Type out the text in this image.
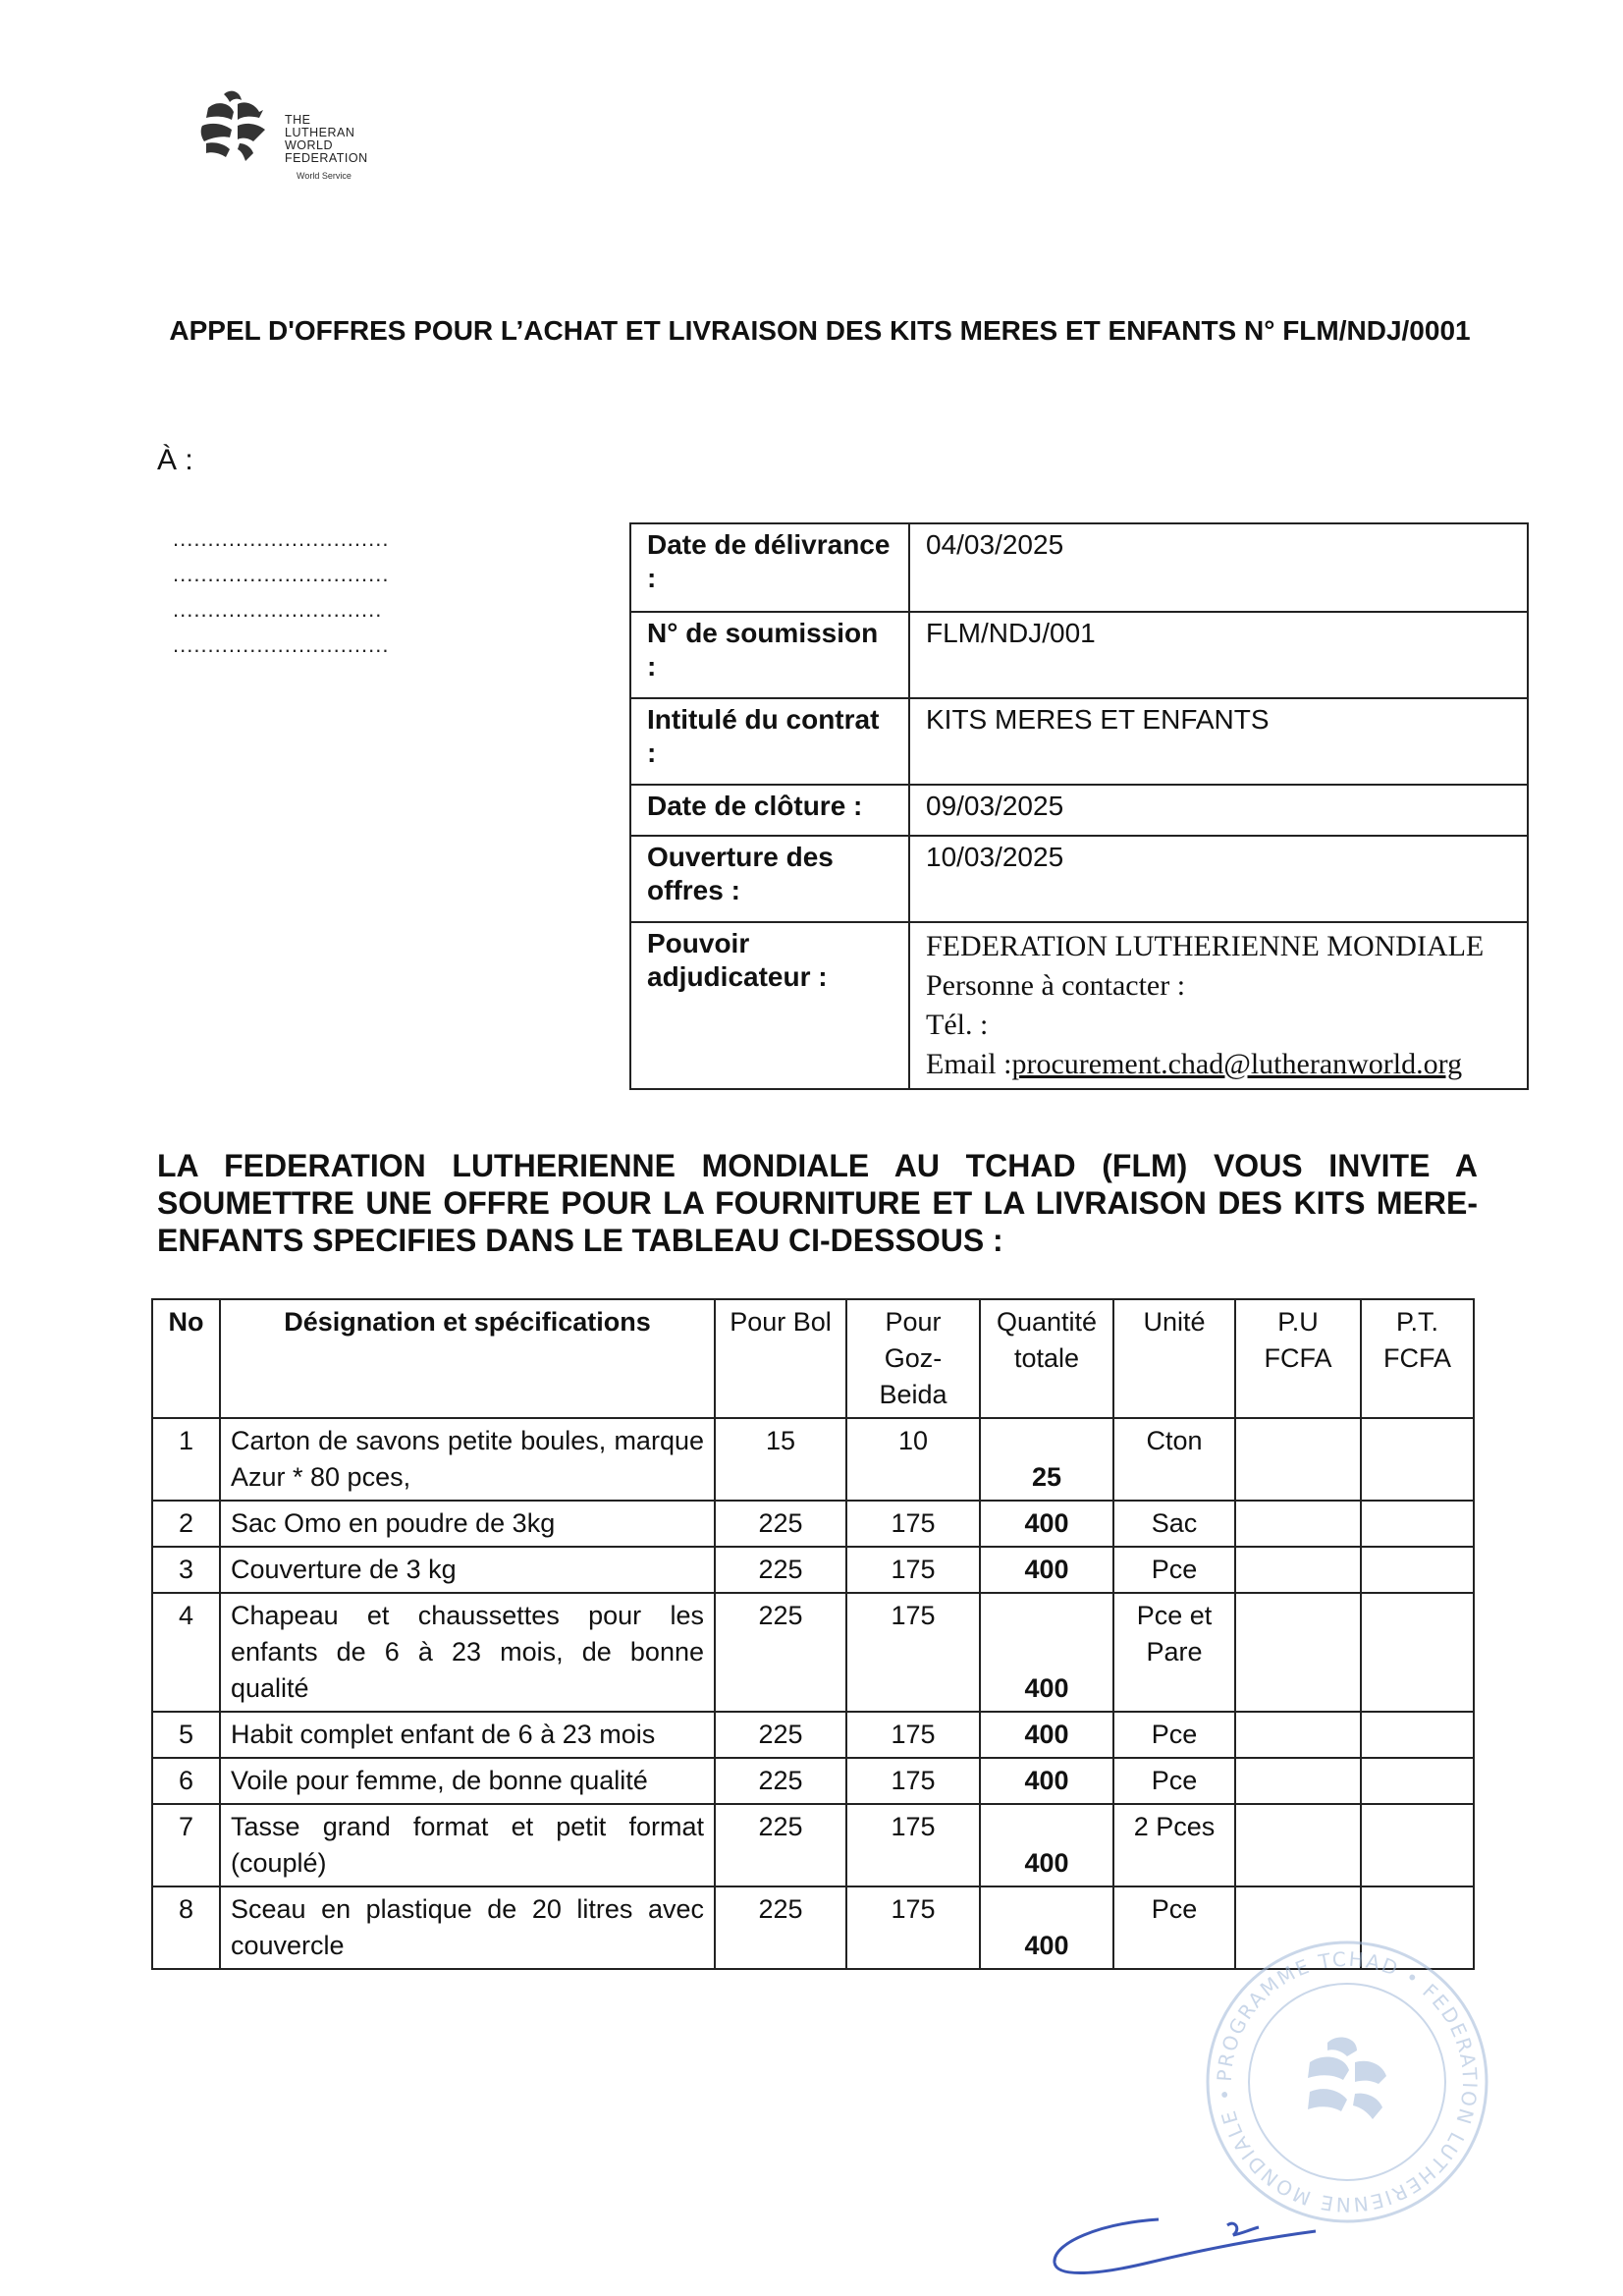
THE
LUTHERAN
WORLD
FEDERATION
World Service
APPEL D'OFFRES POUR L’ACHAT ET LIVRAISON DES KITS MERES ET ENFANTS N° FLM/NDJ/0001
À :
...............................
...............................
..............................
...............................
Date de délivrance :	04/03/2025
N° de soumission :	FLM/NDJ/001
Intitulé du contrat :	KITS MERES ET ENFANTS
Date de clôture :	09/03/2025
Ouverture des offres :	10/03/2025
Pouvoir adjudicateur :	FEDERATION LUTHERIENNE MONDIALE
Personne à contacter :
Tél. :
Email :procurement.chad@lutheranworld.org
LA FEDERATION LUTHERIENNE MONDIALE AU TCHAD (FLM) VOUS INVITE A SOUMETTRE UNE OFFRE POUR LA FOURNITURE ET LA LIVRAISON DES KITS MERE-ENFANTS SPECIFIES DANS LE TABLEAU CI-DESSOUS :
No	Désignation et spécifications	Pour Bol	Pour Goz-Beida	Quantité totale	Unité	P.U FCFA	P.T. FCFA
1	Carton de savons petite boules, marque Azur * 80 pces,	15	10	25	Cton		
2	Sac Omo en poudre de 3kg	225	175	400	Sac		
3	Couverture de 3 kg	225	175	400	Pce		
4	Chapeau et chaussettes pour les enfants de 6 à 23 mois, de bonne qualité	225	175	400	Pce et Pare		
5	Habit complet enfant de 6 à 23 mois	225	175	400	Pce		
6	Voile pour femme, de bonne qualité	225	175	400	Pce		
7	Tasse grand format et petit format (couplé)	225	175	400	2 Pces		
8	Sceau en plastique de 20 litres avec couvercle	225	175	400	Pce		
PROGRAMME TCHAD • FEDERATION LUTHERIENNE MONDIALE •
